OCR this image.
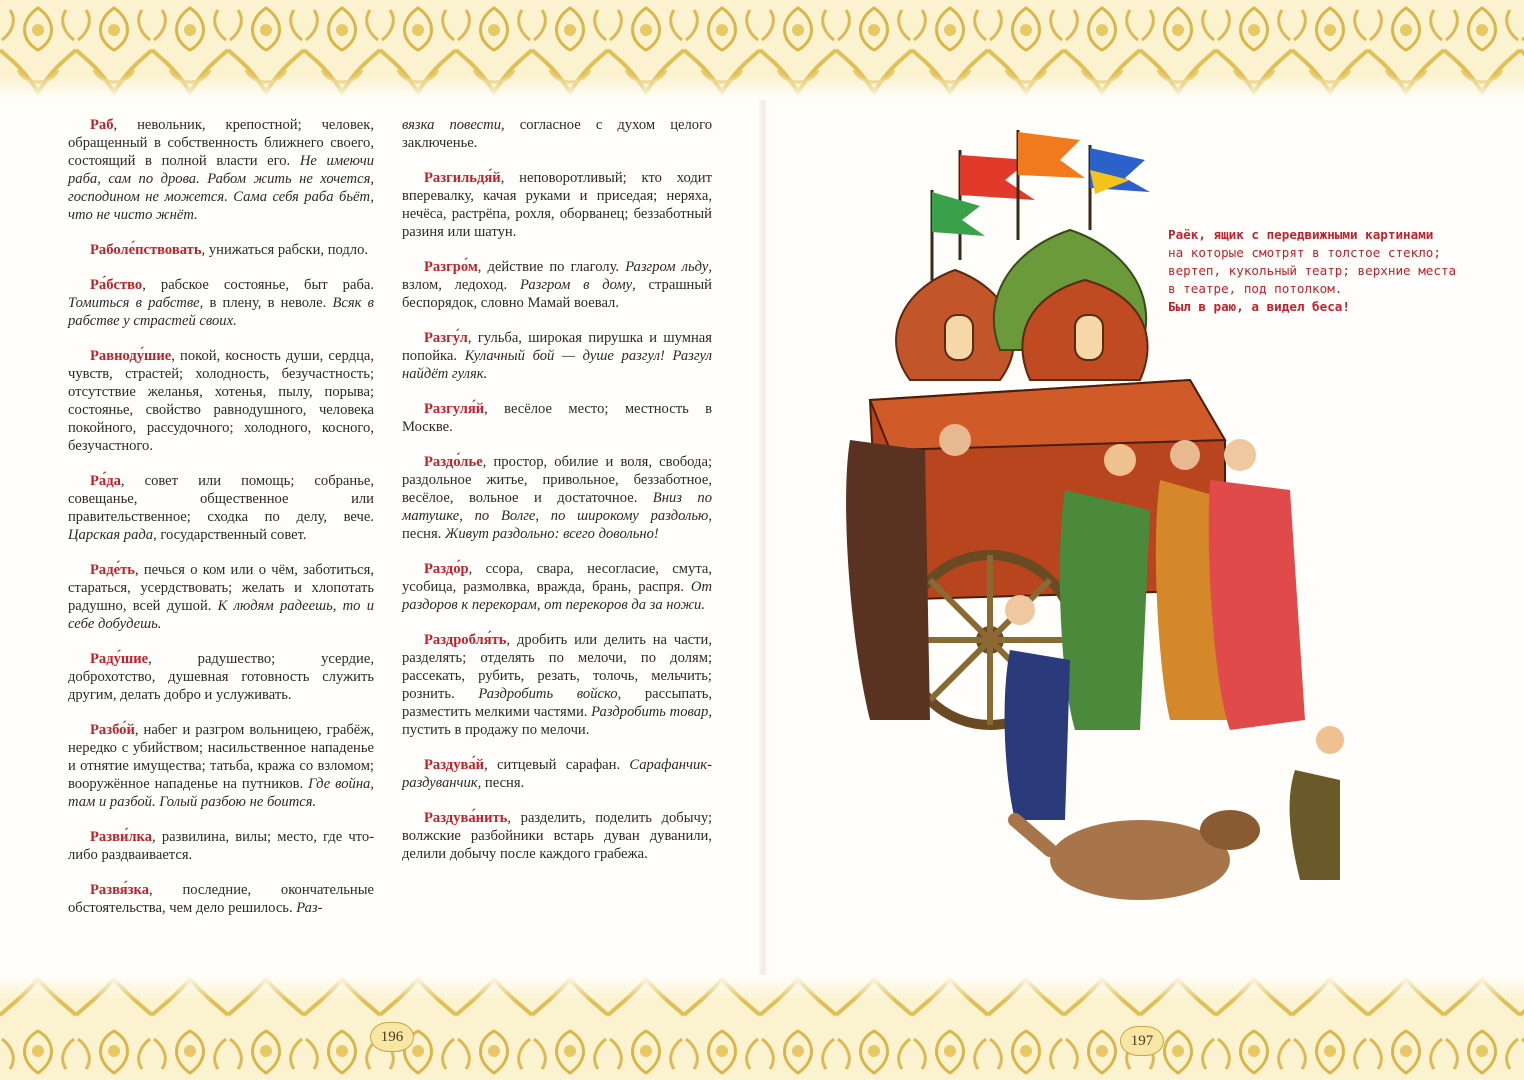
Раб, невольник, крепостной; человек, обращенный в собственность ближнего своего, состоящий в полной власти его. Не имеючи раба, сам по дрова. Рабом жить не хочется, господином не можется. Сама себя раба бьёт, что не чисто жнёт.

Раболе́пствовать, унижаться рабски, подло.

Ра́бство, рабское состоянье, быт раба. Томиться в рабстве, в плену, в неволе. Всяк в рабстве у страстей своих.

Равноду́шие, покой, косность души, сердца, чувств, страстей; холодность, безучастность; отсутствие желанья, хотенья, пылу, порыва; состоянье, свойство равнодушного, человека покойного, рассудочного; холодного, косного, безучастного.

Ра́да, совет или помощь; собранье, совещанье, общественное или правительственное; сходка по делу, вече. Царская рада, государственный совет.

Раде́ть, печься о ком или о чём, заботиться, стараться, усердствовать; желать и хлопотать радушно, всей душой. К людям радеешь, то и себе добудешь.

Раду́шие, радушество; усердие, доброхотство, душевная готовность служить другим, делать добро и услуживать.

Разбо́й, набег и разгром вольницею, грабёж, нередко с убийством; насильственное нападенье и отнятие имущества; татьба, кража со взломом; вооружённое нападенье на путников. Где война, там и разбой. Голый разбою не боится.

Разви́лка, развилина, вилы; место, где что-либо раздваивается.

Развя́зка, последние, окончательные обстоятельства, чем дело решилось. Раз-

вязка повести, согласное с духом целого заключенье.

Разгильдя́й, неповоротливый; кто ходит вперевалку, качая руками и приседая; неряха, нечёса, растрёпа, рохля, оборванец; беззаботный разиня или шатун.

Разгро́м, действие по глаголу. Разгром льду, взлом, ледоход. Разгром в дому, страшный беспорядок, словно Мамай воевал.

Разгу́л, гульба, широкая пирушка и шумная попойка. Кулачный бой — душе разгул! Разгул найдёт гуляк.

Разгуля́й, весёлое место; местность в Москве.

Раздо́лье, простор, обилие и воля, свобода; раздольное житье, привольное, беззаботное, весёлое, вольное и достаточное. Вниз по матушке, по Волге, по широкому раздолью, песня. Живут раздольно: всего довольно!

Раздо́р, ссора, свара, несогласие, смута, усобица, размолвка, вражда, брань, распря. От раздоров к перекорам, от перекоров да за ножи.

Раздробля́ть, дробить или делить на части, разделять; отделять по мелочи, по долям; рассекать, рубить, резать, толочь, мельчить; рознить. Раздробить войско, рассыпать, разместить мелкими частями. Раздробить товар, пустить в продажу по мелочи.

Раздува́й, ситцевый сарафан. Сарафанчик-раздуванчик, песня.

Раздува́нить, разделить, поделить добычу; волжские разбойники встарь дуван дуванили, делили добычу после каждого грабежа.

Раёк, ящик с передвижными картинами
на которые смотрят в толстое стекло;
вертеп, кукольный театр; верхние места
в театре, под потолком.
Был в раю, а видел беса!
196	197
